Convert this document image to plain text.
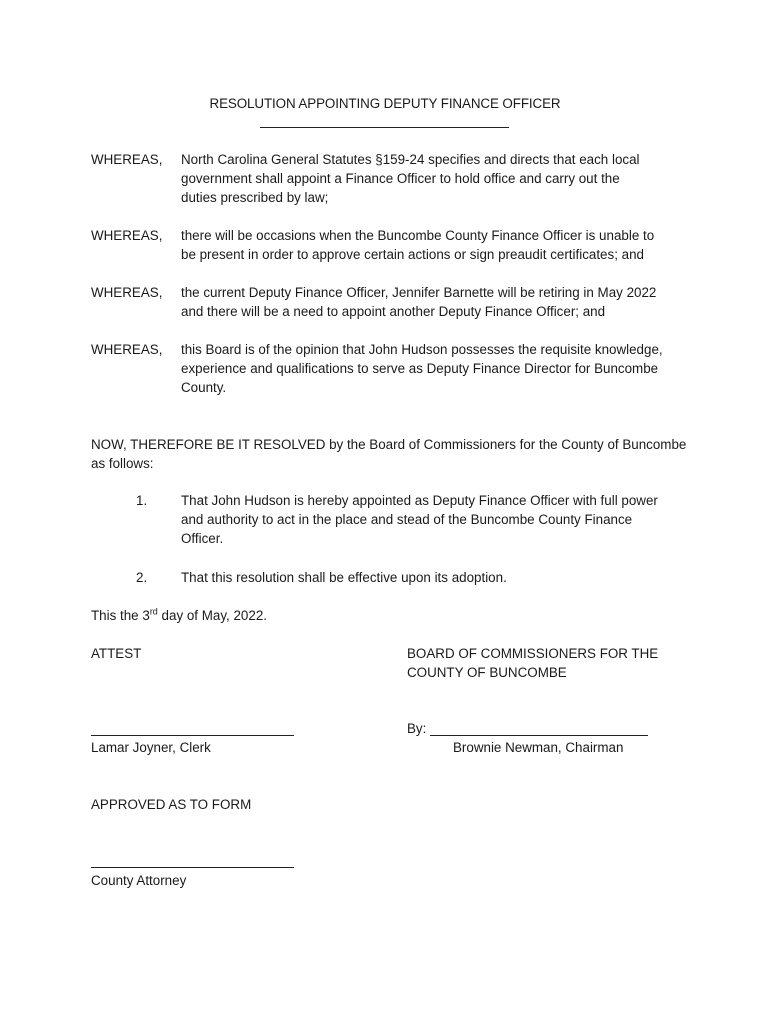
RESOLUTION APPOINTING DEPUTY FINANCE OFFICER
WHEREAS, North Carolina General Statutes §159-24 specifies and directs that each local
government shall appoint a Finance Officer to hold office and carry out the
duties prescribed by law;
WHEREAS, there will be occasions when the Buncombe County Finance Officer is unable to
be present in order to approve certain actions or sign preaudit certificates; and
WHEREAS, the current Deputy Finance Officer, Jennifer Barnette will be retiring in May 2022
and there will be a need to appoint another Deputy Finance Officer; and
WHEREAS, this Board is of the opinion that John Hudson possesses the requisite knowledge,
experience and qualifications to serve as Deputy Finance Director for Buncombe
County.
NOW, THEREFORE BE IT RESOLVED by the Board of Commissioners for the County of Buncombe
as follows:
1.	That John Hudson is hereby appointed as Deputy Finance Officer with full power
and authority to act in the place and stead of the Buncombe County Finance
Officer.
2.	That this resolution shall be effective upon its adoption.
This the 3rd day of May, 2022.
ATTEST	BOARD OF COMMISSIONERS FOR THE
COUNTY OF BUNCOMBE
By:
Lamar Joyner, Clerk	Brownie Newman, Chairman
APPROVED AS TO FORM
County Attorney
